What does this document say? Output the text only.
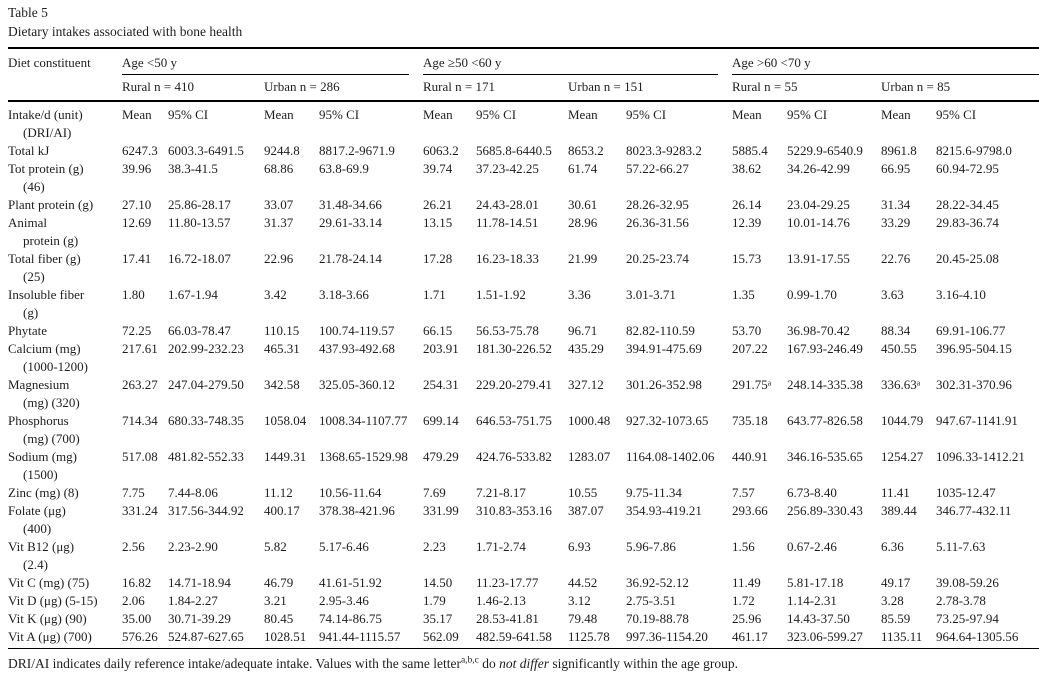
Table 5
Dietary intakes associated with bone health
Diet constituent	Age <50 y				Age ≥50 <60 y				Age >60 <70 y			

	Rural n = 410		Urban n = 286		Rural n = 171		Urban n = 151		Rural n = 55		Urban n = 85	

Intake/d (unit)
(DRI/AI)	Mean	95% CI	Mean	95% CI	Mean	95% CI	Mean	95% CI	Mean	95% CI	Mean	95% CI

Total kJ	6247.3	6003.3-6491.5	9244.8	8817.2-9671.9	6063.2	5685.8-6440.5	8653.2	8023.3-9283.2	5885.4	5229.9-6540.9	8961.8	8215.6-9798.0

Tot protein (g)
(46)	39.96	38.3-41.5	68.86	63.8-69.9	39.74	37.23-42.25	61.74	57.22-66.27	38.62	34.26-42.99	66.95	60.94-72.95

Plant protein (g)	27.10	25.86-28.17	33.07	31.48-34.66	26.21	24.43-28.01	30.61	28.26-32.95	26.14	23.04-29.25	31.34	28.22-34.45

Animal
protein (g)	12.69	11.80-13.57	31.37	29.61-33.14	13.15	11.78-14.51	28.96	26.36-31.56	12.39	10.01-14.76	33.29	29.83-36.74

Total fiber (g)
(25)	17.41	16.72-18.07	22.96	21.78-24.14	17.28	16.23-18.33	21.99	20.25-23.74	15.73	13.91-17.55	22.76	20.45-25.08

Insoluble fiber
(g)	1.80	1.67-1.94	3.42	3.18-3.66	1.71	1.51-1.92	3.36	3.01-3.71	1.35	0.99-1.70	3.63	3.16-4.10

Phytate	72.25	66.03-78.47	110.15	100.74-119.57	66.15	56.53-75.78	96.71	82.82-110.59	53.70	36.98-70.42	88.34	69.91-106.77

Calcium (mg)
(1000-1200)	217.61	202.99-232.23	465.31	437.93-492.68	203.91	181.30-226.52	435.29	394.91-475.69	207.22	167.93-246.49	450.55	396.95-504.15

Magnesium
(mg) (320)	263.27	247.04-279.50	342.58	325.05-360.12	254.31	229.20-279.41	327.12	301.26-352.98	291.75ᵃ	248.14-335.38	336.63ᵃ	302.31-370.96

Phosphorus
(mg) (700)	714.34	680.33-748.35	1058.04	1008.34-1107.77	699.14	646.53-751.75	1000.48	927.32-1073.65	735.18	643.77-826.58	1044.79	947.67-1141.91

Sodium (mg)
(1500)	517.08	481.82-552.33	1449.31	1368.65-1529.98	479.29	424.76-533.82	1283.07	1164.08-1402.06	440.91	346.16-535.65	1254.27	1096.33-1412.21

Zinc (mg) (8)	7.75	7.44-8.06	11.12	10.56-11.64	7.69	7.21-8.17	10.55	9.75-11.34	7.57	6.73-8.40	11.41	1035-12.47

Folate (μg)
(400)	331.24	317.56-344.92	400.17	378.38-421.96	331.99	310.83-353.16	387.07	354.93-419.21	293.66	256.89-330.43	389.44	346.77-432.11

Vit B12 (μg)
(2.4)	2.56	2.23-2.90	5.82	5.17-6.46	2.23	1.71-2.74	6.93	5.96-7.86	1.56	0.67-2.46	6.36	5.11-7.63

Vit C (mg) (75)	16.82	14.71-18.94	46.79	41.61-51.92	14.50	11.23-17.77	44.52	36.92-52.12	11.49	5.81-17.18	49.17	39.08-59.26

Vit D (μg) (5-15)	2.06	1.84-2.27	3.21	2.95-3.46	1.79	1.46-2.13	3.12	2.75-3.51	1.72	1.14-2.31	3.28	2.78-3.78

Vit K (μg) (90)	35.00	30.71-39.29	80.45	74.14-86.75	35.17	28.53-41.81	79.48	70.19-88.78	25.96	14.43-37.50	85.59	73.25-97.94

Vit A (μg) (700)	576.26	524.87-627.65	1028.51	941.44-1115.57	562.09	482.59-641.58	1125.78	997.36-1154.20	461.17	323.06-599.27	1135.11	964.64-1305.56
DRI/AI indicates daily reference intake/adequate intake. Values with the same letter$^{a,b,c}$ do not differ significantly within the age group.
